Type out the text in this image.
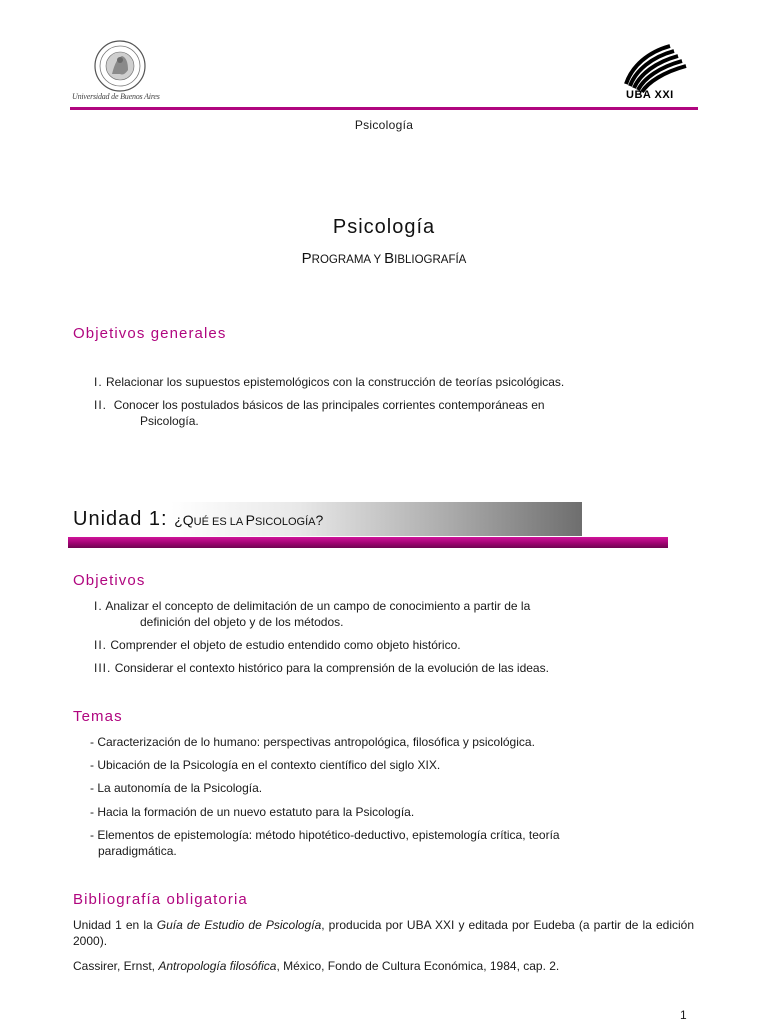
Universidad de Buenos Aires	UBA XXI
Psicología
Psicología
PROGRAMA Y BIBLIOGRAFÍA
Objetivos generales
I. Relacionar los supuestos epistemológicos con la construcción de teorías psicológicas.
II. Conocer los postulados básicos de las principales corrientes contemporáneas en
Psicología.
Unidad 1: ¿QUÉ ES LA PSICOLOGÍA?
Objetivos
I. Analizar el concepto de delimitación de un campo de conocimiento a partir de la
definición del objeto y de los métodos.
II. Comprender el objeto de estudio entendido como objeto histórico.
III. Considerar el contexto histórico para la comprensión de la evolución de las ideas.
Temas
- Caracterización de lo humano: perspectivas antropológica, filosófica y psicológica.
- Ubicación de la Psicología en el contexto científico del siglo XIX.
- La autonomía de la Psicología.
- Hacia la formación de un nuevo estatuto para la Psicología.
- Elementos de epistemología: método hipotético-deductivo, epistemología crítica, teoría
paradigmática.
Bibliografía obligatoria
Unidad 1 en la Guía de Estudio de Psicología, producida por UBA XXI y editada por Eudeba (a partir de la edición 2000).
Cassirer, Ernst, Antropología filosófica, México, Fondo de Cultura Económica, 1984, cap. 2.
1
